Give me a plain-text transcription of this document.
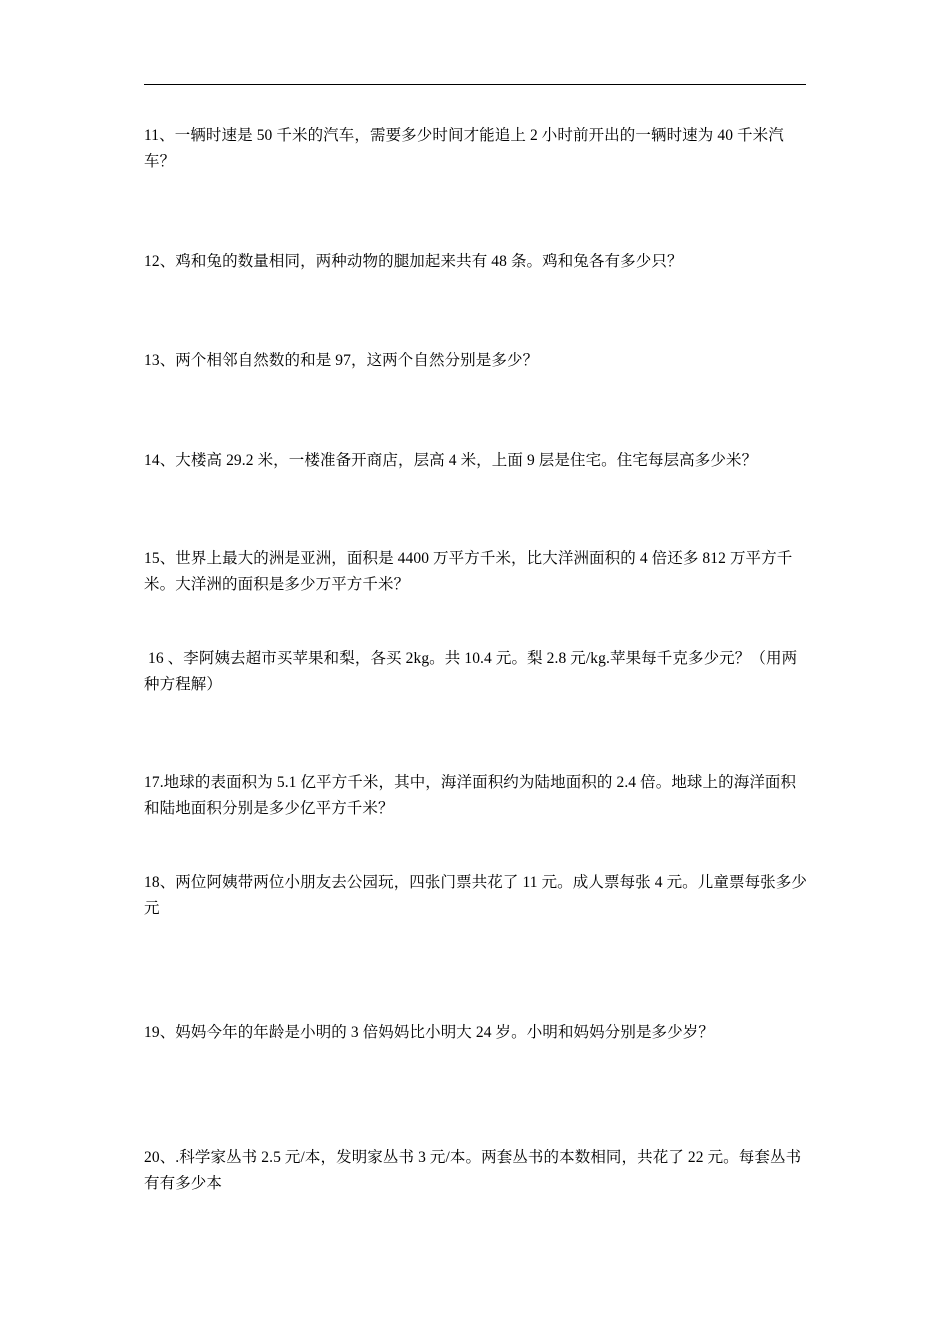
11、一辆时速是 50 千米的汽车，需要多少时间才能追上 2 小时前开出的一辆时速为 40 千米汽车？

12、鸡和兔的数量相同，两种动物的腿加起来共有 48 条。鸡和兔各有多少只？

13、两个相邻自然数的和是 97，这两个自然分别是多少？

14、大楼高 29.2 米，一楼准备开商店，层高 4 米，上面 9 层是住宅。住宅每层高多少米？

15、世界上最大的洲是亚洲，面积是 4400 万平方千米，比大洋洲面积的 4 倍还多 812 万平方千米。大洋洲的面积是多少万平方千米？

16 、李阿姨去超市买苹果和梨，各买 2kg。共 10.4 元。梨 2.8 元/kg.苹果每千克多少元？（用两种方程解）

17.地球的表面积为 5.1 亿平方千米，其中，海洋面积约为陆地面积的 2.4 倍。地球上的海洋面积和陆地面积分别是多少亿平方千米？

18、两位阿姨带两位小朋友去公园玩，四张门票共花了 11 元。成人票每张 4 元。儿童票每张多少元

19、妈妈今年的年龄是小明的 3 倍妈妈比小明大 24 岁。小明和妈妈分别是多少岁？

20、.科学家丛书 2.5 元/本，发明家丛书 3 元/本。两套丛书的本数相同，共花了 22 元。每套丛书有有多少本
